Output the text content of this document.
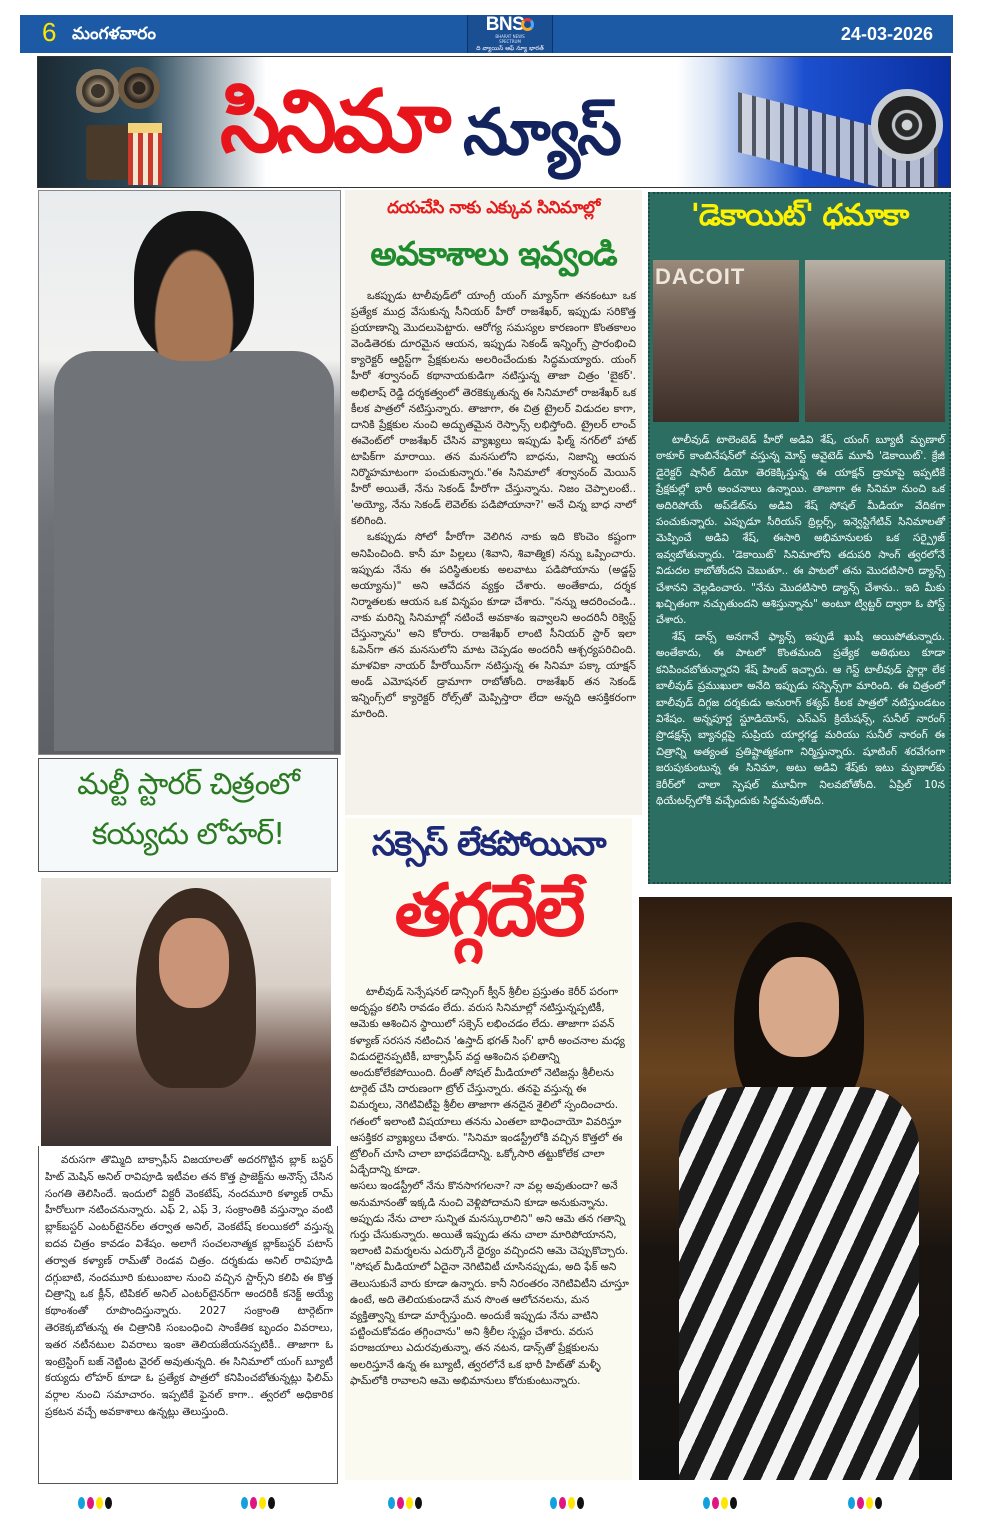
6 మంగళవారం	BNS
BHARAT NEWS
SPECTRUM
ది వ్యాయిస్ ఆఫ్ న్యూ భారత్
24-03-2026
సినిమా న్యూస్
దయచేసి నాకు ఎక్కువ సినిమాల్లో
అవకాశాలు ఇవ్వండి

ఒకప్పుడు టాలీవుడ్‌లో యాంగ్రీ యంగ్ మ్యాన్‌గా తనకంటూ ఒక ప్రత్యేక ముద్ర వేసుకున్న సీనియర్ హీరో రాజశేఖర్, ఇప్పుడు సరికొత్త ప్రయాణాన్ని మొదలుపెట్టారు. ఆరోగ్య సమస్యల కారణంగా కొంతకాలం వెండితెరకు దూరమైన ఆయన, ఇప్పుడు సెకండ్ ఇన్నింగ్స్ ప్రారంభించి క్యారెక్టర్ ఆర్టిస్ట్‌గా ప్రేక్షకులను అలరించేందుకు సిద్ధమయ్యారు. యంగ్ హీరో శర్వానంద్ కథానాయకుడిగా నటిస్తున్న తాజా చిత్రం 'బైకర్'. అభిలాష్ రెడ్డి దర్శకత్వంలో తెరకెక్కుతున్న ఈ సినిమాలో రాజశేఖర్ ఒక కీలక పాత్రలో నటిస్తున్నారు. తాజాగా, ఈ చిత్ర ట్రైలర్ విడుదల కాగా, దానికి ప్రేక్షకుల నుంచి అద్భుతమైన రెస్పాన్స్ లభిస్తోంది. ట్రైలర్ లాంచ్ ఈవెంట్‌లో రాజశేఖర్ చేసిన వ్యాఖ్యలు ఇప్పుడు ఫిల్మ్ నగర్‌లో హాట్ టాపిక్‌గా మారాయి. తన మనసులోని బాధను, నిజాన్ని ఆయన నిర్మొహమాటంగా పంచుకున్నారు."ఈ సినిమాలో శర్వానంద్ మెయిన్ హీరో అయితే, నేను సెకండ్ హీరోగా చేస్తున్నాను. నిజం చెప్పాలంటే.. 'అయ్యో, నేను సెకండ్ లెవెల్‌కు పడిపోయానా?' అనే చిన్న బాధ నాలో కలిగింది.

ఒకప్పుడు సోలో హీరోగా వెలిగిన నాకు ఇది కొంచెం కష్టంగా అనిపించింది. కానీ మా పిల్లలు (శివాని, శివాత్మిక) నన్ను ఒప్పించారు. ఇప్పుడు నేను ఈ పరిస్థితులకు అలవాటు పడిపోయాను (అడ్జస్ట్ అయ్యాను)" అని ఆవేదన వ్యక్తం చేశారు. అంతేకాదు, దర్శక నిర్మాతలకు ఆయన ఒక విన్నపం కూడా చేశారు. "నన్ను ఆదరించండి.. నాకు మరిన్ని సినిమాల్లో నటించే అవకాశం ఇవ్వాలని అందరినీ రిక్వెస్ట్ చేస్తున్నాను" అని కోరారు. రాజశేఖర్ లాంటి సీనియర్ స్టార్ ఇలా ఓపెన్‌గా తన మనసులోని మాట చెప్పడం అందరినీ ఆశ్చర్యపరిచింది. మాళవికా నాయర్ హీరోయిన్‌గా నటిస్తున్న ఈ సినిమా పక్కా యాక్షన్ అండ్ ఎమోషనల్ డ్రామాగా రాబోతోంది. రాజశేఖర్ తన సెకండ్ ఇన్నింగ్స్‌లో క్యారెక్టర్ రోల్స్‌తో మెప్పిస్తారా లేదా అన్నది ఆసక్తికరంగా మారింది.

'డెకాయిట్' ధమాకా

టాలీవుడ్ టాలెంటెడ్ హీరో అడివి శేష్, యంగ్ బ్యూటీ మృణాల్ ఠాకూర్ కాంబినేషన్‌లో వస్తున్న మోస్ట్ అవైటెడ్ మూవీ 'డెకాయిట్'. క్రేజీ డైరెక్టర్ షానీల్ డియో తెరకెక్కిస్తున్న ఈ యాక్షన్ డ్రామాపై ఇప్పటికే ప్రేక్షకుల్లో భారీ అంచనాలు ఉన్నాయి. తాజాగా ఈ సినిమా నుంచి ఒక అదిరిపోయే అప్‌డేట్‌ను అడివి శేష్ సోషల్ మీడియా వేదికగా పంచుకున్నారు. ఎప్పుడూ సీరియస్ థ్రిల్లర్స్, ఇన్వెస్టిగేటివ్ సినిమాలతో మెప్పించే అడివి శేష్, ఈసారి అభిమానులకు ఒక సర్ప్రైజ్ ఇవ్వబోతున్నారు. 'డెకాయిట్' సినిమాలోని తదుపరి సాంగ్ త్వరలోనే విడుదల కాబోతోందని చెబుతూ.. ఈ పాటలో తను మొదటిసారి డ్యాన్స్ చేశానని వెల్లడించారు. "నేను మొదటిసారి డ్యాన్స్ చేశాను.. ఇది మీకు ఖచ్చితంగా నచ్చుతుందని ఆశిస్తున్నాను" అంటూ ట్విట్టర్ ద్వారా ఓ పోస్ట్ చేశారు.

శేష్ డాన్స్ అనగానే ఫ్యాన్స్ ఇప్పుడే ఖుషీ అయిపోతున్నారు. అంతేకాదు, ఈ పాటలో కొంతమంది ప్రత్యేక అతిథులు కూడా కనిపించబోతున్నారని శేష్ హింట్ ఇచ్చారు. ఆ గెస్ట్ టాలీవుడ్ స్టార్లా లేక బాలీవుడ్ ప్రముఖులా అనేది ఇప్పుడు సస్పెన్స్‌గా మారింది. ఈ చిత్రంలో బాలీవుడ్ దిగ్గజ దర్శకుడు అనురాగ్ కశ్యప్ కీలక పాత్రలో నటిస్తుండటం విశేషం. అన్నపూర్ణ స్టూడియోస్, ఎస్ఎస్ క్రియేషన్స్, సునీల్ నారంగ్ ప్రొడక్షన్స్ బ్యానర్లపై సుప్రియ యార్లగడ్డ మరియు సునీల్ నారంగ్ ఈ చిత్రాన్ని అత్యంత ప్రతిష్టాత్మకంగా నిర్మిస్తున్నారు. షూటింగ్ శరవేగంగా జరుపుకుంటున్న ఈ సినిమా, అటు అడివి శేష్‌కు ఇటు మృణాల్‌కు కెరీర్‌లో చాలా స్పెషల్ మూవీగా నిలవబోతోంది. ఏప్రిల్ 10న థియేటర్స్‌లోకి వచ్చేందుకు సిద్ధమవుతోంది.

DACOIT
మల్టీ స్టారర్ చిత్రంలో
కయ్యదు లోహర్!

వరుసగా తొమ్మిది బాక్సాఫీస్ విజయాలతో అదరగొట్టిన బ్లాక్ బస్టర్ హిట్ మెషిన్ అనిల్ రావిపూడి ఇటీవల తన కొత్త ప్రాజెక్ట్‌ను అనౌన్స్ చేసిన సంగతి తెలిసిందే. ఇందులో విక్టరీ వెంకటేష్, నందమూరి కళ్యాణ్ రామ్ హీరోలుగా నటించనున్నారు. ఎఫ్ 2, ఎఫ్ 3, సంక్రాంతికి వస్తున్నాం వంటి బ్లాక్‌బస్టర్ ఎంటర్‌టైనర్‌ల తర్వాత అనిల్, వెంకటేష్ కలయికలో వస్తున్న ఐదవ చిత్రం కావడం విశేషం. అలాగే సంచలనాత్మక బ్లాక్‌బస్టర్ పటాస్ తర్వాత కళ్యాణ్ రామ్‌తో రెండవ చిత్రం. దర్శకుడు అనిల్ రావిపూడి దగ్గుబాటి, నందమూరి కుటుంబాల నుంచి వచ్చిన స్టార్స్‌ని కలిపి ఈ కొత్త చిత్రాన్ని ఒక క్లీన్, టిపికల్ అనిల్ ఎంటర్‌టైనర్‌గా అందరికీ కనెక్ట్ అయ్యే కథాంశంతో రూపొందిస్తున్నారు. 2027 సంక్రాంతి టార్గెట్‌గా తెరకెక్కబోతున్న ఈ చిత్రానికి సంబంధించి సాంకేతిక బృందం వివరాలు, ఇతర నటీనటుల వివరాలు ఇంకా తెలియజేయనప్పటికీ.. తాజాగా ఓ ఇంట్రెస్టింగ్ బజ్ నెట్టింట వైరల్ అవుతున్నది. ఈ సినిమాలో యంగ్ బ్యూటీ కయ్యదు లోహర్ కూడా ఓ ప్రత్యేక పాత్రలో కనిపించబోతున్నట్లు ఫిలిమ్ వర్గాల నుంచి సమాచారం. ఇప్పటికే ఫైనల్ కాగా.. త్వరలో అధికారిక ప్రకటన వచ్చే అవకాశాలు ఉన్నట్లు తెలుస్తుంది.

సక్సెస్ లేకపోయినా
తగ్గదేలే

టాలీవుడ్ సెన్సేషనల్ డాన్సింగ్ క్వీన్ శ్రీలీల ప్రస్తుతం కెరీర్ పరంగా అదృష్టం కలిసి రావడం లేదు. వరుస సినిమాల్లో నటిస్తున్నప్పటికీ, ఆమెకు ఆశించిన స్థాయిలో సక్సెస్ లభించడం లేదు. తాజాగా పవన్ కళ్యాణ్ సరసన నటించిన 'ఉస్తాద్ భగత్ సింగ్' భారీ అంచనాల మధ్య విడుదలైనప్పటికీ, బాక్సాఫీస్ వద్ద ఆశించిన ఫలితాన్ని అందుకోలేకపోయింది. దీంతో సోషల్ మీడియాలో నెటిజన్లు శ్రీలీలను టార్గెట్ చేసి దారుణంగా ట్రోల్ చేస్తున్నారు. తనపై వస్తున్న ఈ విమర్శలు, నెగిటివిటీపై శ్రీలీల తాజాగా తనదైన శైలిలో స్పందించారు. గతంలో ఇలాంటి విషయాలు తనను ఎంతలా బాధించాయో వివరిస్తూ ఆసక్తికర వ్యాఖ్యలు చేశారు. "సినిమా ఇండస్ట్రీలోకి వచ్చిన కొత్తలో ఈ ట్రోలింగ్ చూసి చాలా బాధపడేదాన్ని. ఒక్కోసారి తట్టుకోలేక చాలా ఏడ్చేదాన్ని కూడా.

అసలు ఇండస్ట్రీలో నేను కొనసాగగలనా? నా వల్ల అవుతుందా? అనే అనుమానంతో ఇక్కడి నుంచి వెళ్లిపోదామని కూడా అనుకున్నాను. అప్పుడు నేను చాలా సున్నిత మనస్కురాలిని" అని ఆమె తన గతాన్ని గుర్తు చేసుకున్నారు. అయితే ఇప్పుడు తను చాలా మారిపోయానని, ఇలాంటి విమర్శలను ఎదుర్కొనే ధైర్యం వచ్చిందని ఆమె చెప్పుకొచ్చారు. "సోషల్ మీడియాలో ఏదైనా నెగిటివిటీ చూసినప్పుడు, అది ఫేక్ అని తెలుసుకునే వారు కూడా ఉన్నారు. కానీ నిరంతరం నెగిటివిటీని చూస్తూ ఉంటే, అది తెలియకుండానే మన సొంత ఆలోచనలను, మన వ్యక్తిత్వాన్ని కూడా మార్చేస్తుంది. అందుకే ఇప్పుడు నేను వాటిని పట్టించుకోవడం తగ్గించాను" అని శ్రీలీల స్పష్టం చేశారు. వరుస పరాజయాలు ఎదురవుతున్నా, తన నటన, డాన్స్‌తో ప్రేక్షకులను అలరిస్తూనే ఉన్న ఈ బ్యూటీ, త్వరలోనే ఒక భారీ హిట్‌తో మళ్ళీ ఫామ్‌లోకి రావాలని ఆమె అభిమానులు కోరుకుంటున్నారు.
